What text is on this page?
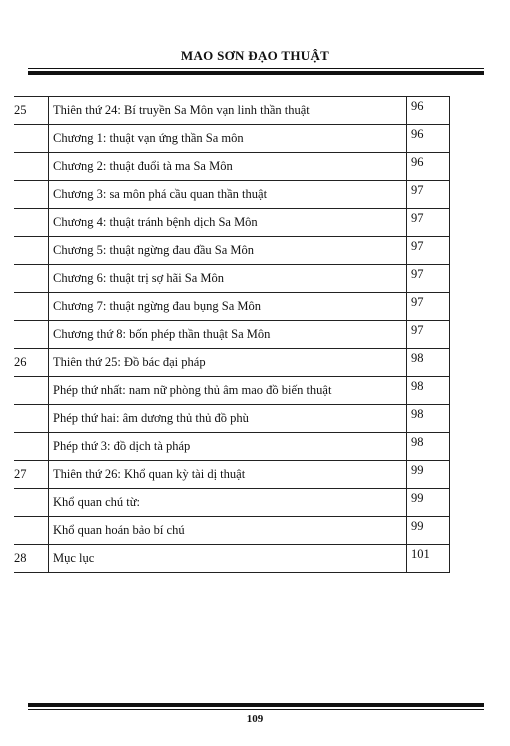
MAO SƠN ĐẠO THUẬT
25	Thiên thứ 24: Bí truyền Sa Môn vạn linh thần thuật	96
	Chương 1: thuật vạn ứng thần Sa môn	96
	Chương 2: thuật đuổi tà ma Sa Môn	96
	Chương 3: sa môn phá cầu quan thần thuật	97
	Chương 4: thuật tránh bệnh dịch Sa Môn	97
	Chương 5: thuật ngừng đau đầu Sa Môn	97
	Chương 6: thuật trị sợ hãi Sa Môn	97
	Chương 7: thuật ngừng đau bụng Sa Môn	97
	Chương thứ 8: bốn phép thần thuật Sa Môn	97
26	Thiên thứ 25: Đồ bác đại pháp	98
	Phép thứ nhất: nam nữ phòng thủ âm mao đồ biến thuật	98
	Phép thứ hai: âm dương thủ thủ đồ phù	98
	Phép thứ 3: đồ dịch tà pháp	98
27	Thiên thứ 26: Khổ quan kỳ tài dị thuật	99
	Khổ quan chú từ:	99
	Khổ quan hoán bảo bí chú	99
28	Mục lục	101
109
